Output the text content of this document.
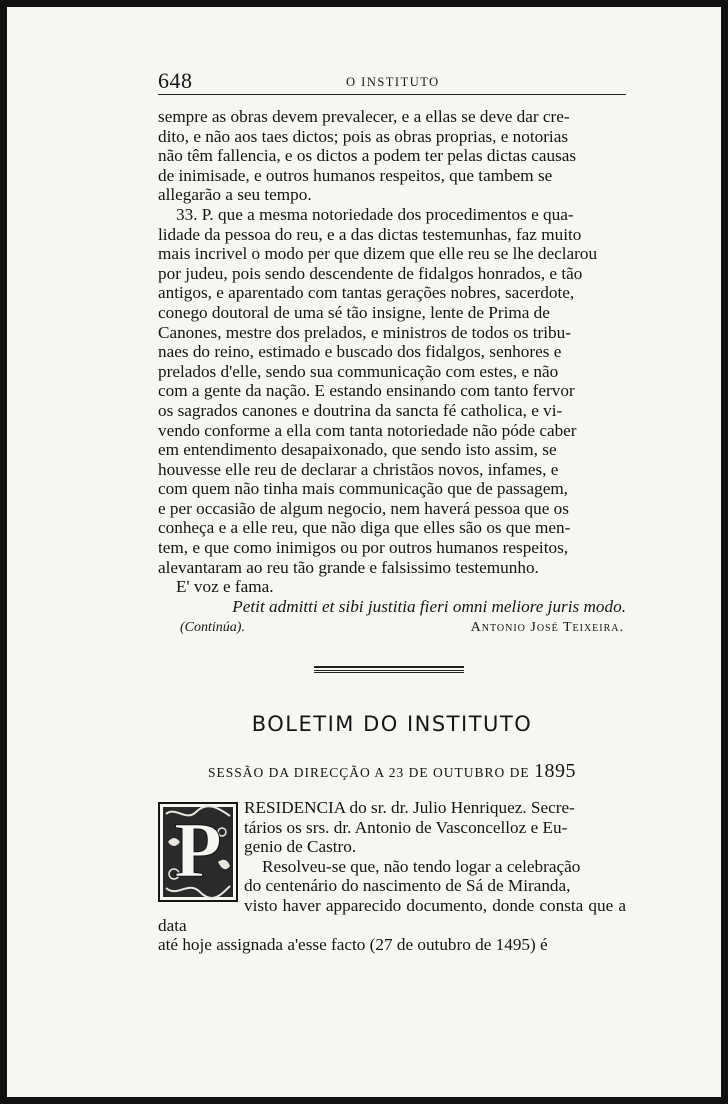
648	O INSTITUTO

sempre as obras devem prevalecer, e a ellas se deve dar cre-

dito, e não aos taes dictos; pois as obras proprias, e notorias

não têm fallencia, e os dictos a podem ter pelas dictas causas

de inimisade, e outros humanos respeitos, que tambem se

allegarão a seu tempo.

33. P. que a mesma notoriedade dos procedimentos e qua-

lidade da pessoa do reu, e a das dictas testemunhas, faz muito

mais incrivel o modo per que dizem que elle reu se lhe declarou

por judeu, pois sendo descendente de fidalgos honrados, e tão

antigos, e aparentado com tantas gerações nobres, sacerdote,

conego doutoral de uma sé tão insigne, lente de Prima de

Canones, mestre dos prelados, e ministros de todos os tribu-

naes do reino, estimado e buscado dos fidalgos, senhores e

prelados d'elle, sendo sua communicação com estes, e não

com a gente da nação. E estando ensinando com tanto fervor

os sagrados canones e doutrina da sancta fé catholica, e vi-

vendo conforme a ella com tanta notoriedade não póde caber

em entendimento desapaixonado, que sendo isto assim, se

houvesse elle reu de declarar a christãos novos, infames, e

com quem não tinha mais communicação que de passagem,

e per occasião de algum negocio, nem haverá pessoa que os

conheça e a elle reu, que não diga que elles são os que men-

tem, e que como inimigos ou por outros humanos respeitos,

alevantaram ao reu tão grande e falsissimo testemunho.

E' voz e fama.

Petit admitti et sibi justitia fieri omni meliore juris modo.

(Continúa).	Antonio José Teixeira.
BOLETIM DO INSTITUTO
SESSÃO DA DIRECÇÃO A 23 DE OUTUBRO DE 1895
P	RESIDENCIA do sr. dr. Julio Henriquez. Secre-

tários os srs. dr. Antonio de Vasconcelloz e Eu-

genio de Castro.

Resolveu-se que, não tendo logar a celebração

do centenário do nascimento de Sá de Miranda,

visto haver apparecido documento, donde consta que a data

até hoje assignada a'esse facto (27 de outubro de 1495) é
